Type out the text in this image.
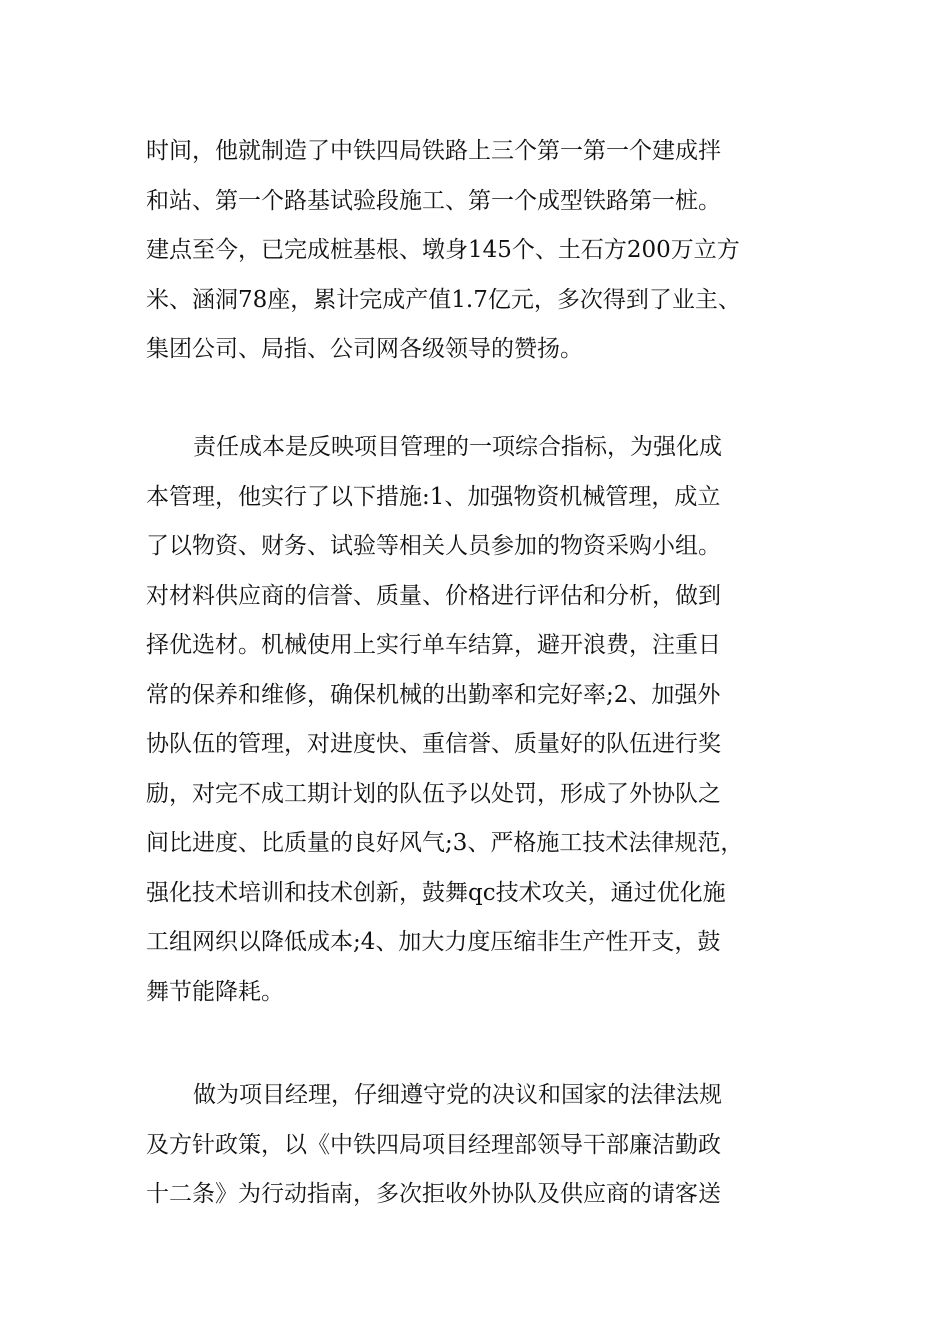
时间，他就制造了中铁四局铁路上三个第一第一个建成拌
和站、第一个路基试验段施工、第一个成型铁路第一桩。
建点至今，已完成桩基根、墩身145个、土石方200万立方
米、涵洞78座，累计完成产值1.7亿元，多次得到了业主、
集团公司、局指、公司网各级领导的赞扬。
责任成本是反映项目管理的一项综合指标，为强化成
本管理，他实行了以下措施:1、加强物资机械管理，成立
了以物资、财务、试验等相关人员参加的物资采购小组。
对材料供应商的信誉、质量、价格进行评估和分析，做到
择优选材。机械使用上实行单车结算，避开浪费，注重日
常的保养和维修，确保机械的出勤率和完好率;2、加强外
协队伍的管理，对进度快、重信誉、质量好的队伍进行奖
励，对完不成工期计划的队伍予以处罚，形成了外协队之
间比进度、比质量的良好风气;3、严格施工技术法律规范，
强化技术培训和技术创新，鼓舞qc技术攻关，通过优化施
工组网织以降低成本;4、加大力度压缩非生产性开支，鼓
舞节能降耗。
做为项目经理，仔细遵守党的决议和国家的法律法规
及方针政策，以《中铁四局项目经理部领导干部廉洁勤政
十二条》为行动指南，多次拒收外协队及供应商的请客送
